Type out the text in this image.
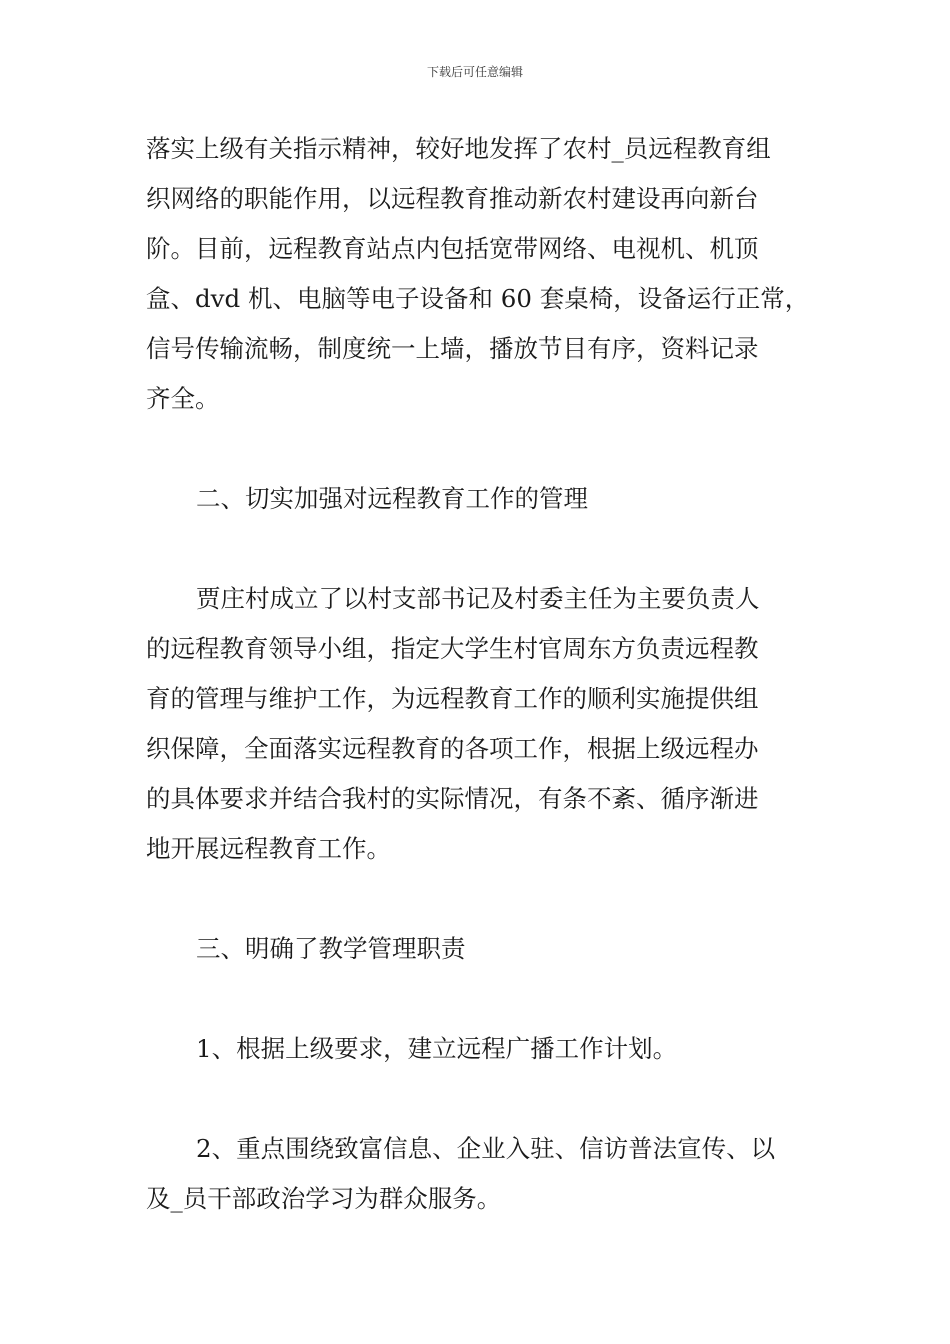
下载后可任意编辑
落实上级有关指示精神，较好地发挥了农村_员远程教育组
织网络的职能作用，以远程教育推动新农村建设再向新台
阶。目前，远程教育站点内包括宽带网络、电视机、机顶
盒、dvd 机、电脑等电子设备和 60 套桌椅，设备运行正常，
信号传输流畅，制度统一上墙，播放节目有序，资料记录
齐全。
二、切实加强对远程教育工作的管理
贾庄村成立了以村支部书记及村委主任为主要负责人
的远程教育领导小组，指定大学生村官周东方负责远程教
育的管理与维护工作，为远程教育工作的顺利实施提供组
织保障，全面落实远程教育的各项工作，根据上级远程办
的具体要求并结合我村的实际情况，有条不紊、循序渐进
地开展远程教育工作。
三、明确了教学管理职责
1、根据上级要求，建立远程广播工作计划。
2、重点围绕致富信息、企业入驻、信访普法宣传、以
及_员干部政治学习为群众服务。
